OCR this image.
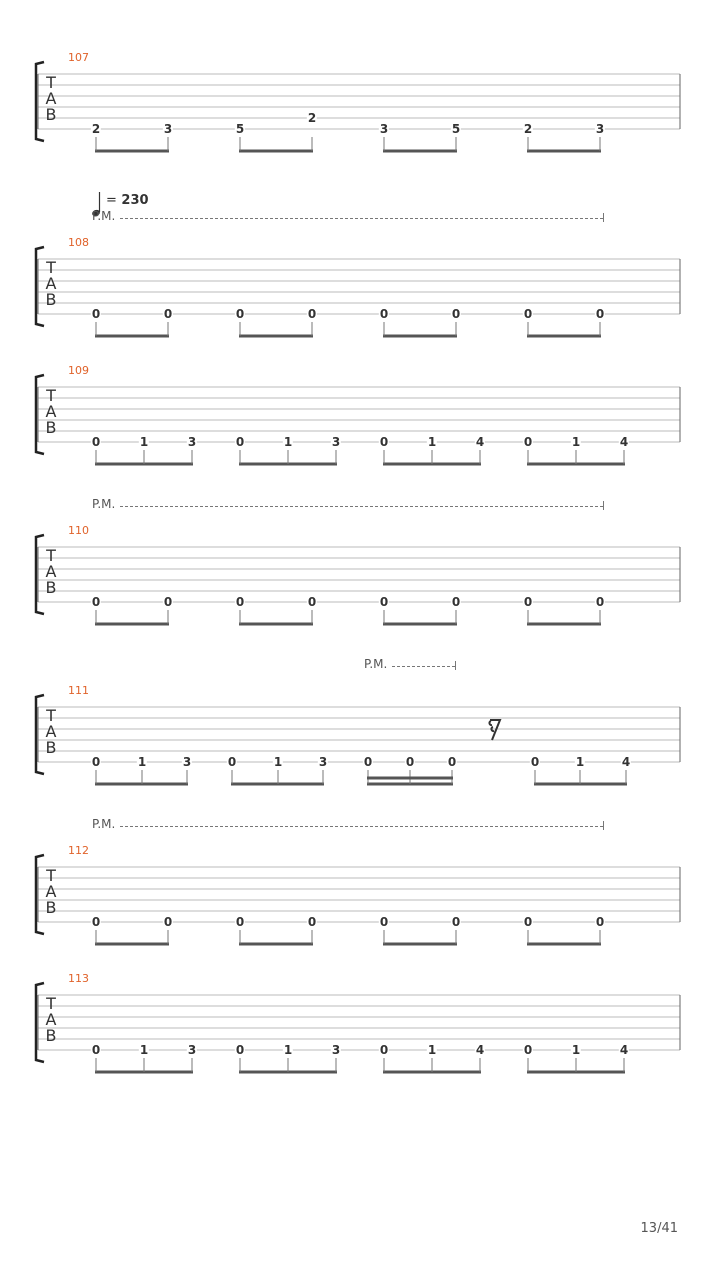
T
A
B
107
2	3	5
2
3	5	2	3
T
A
B
108
0	0	0	0	0	0	0	0
P.M.
= 230
T
A
B
109
0	1	3	0	1	3	0	1	4	0	1	4
T
A
B
110
0	0	0	0	0	0	0	0
P.M.
T
A
B
111
0	1	3	0	1	3	0	0	0	0	1	4
P.M.
T
A
B
112
0	0	0	0	0	0	0	0
P.M.
T
A
B
113
0	1	3	0	1	3	0	1	4	0	1	4
13/41
